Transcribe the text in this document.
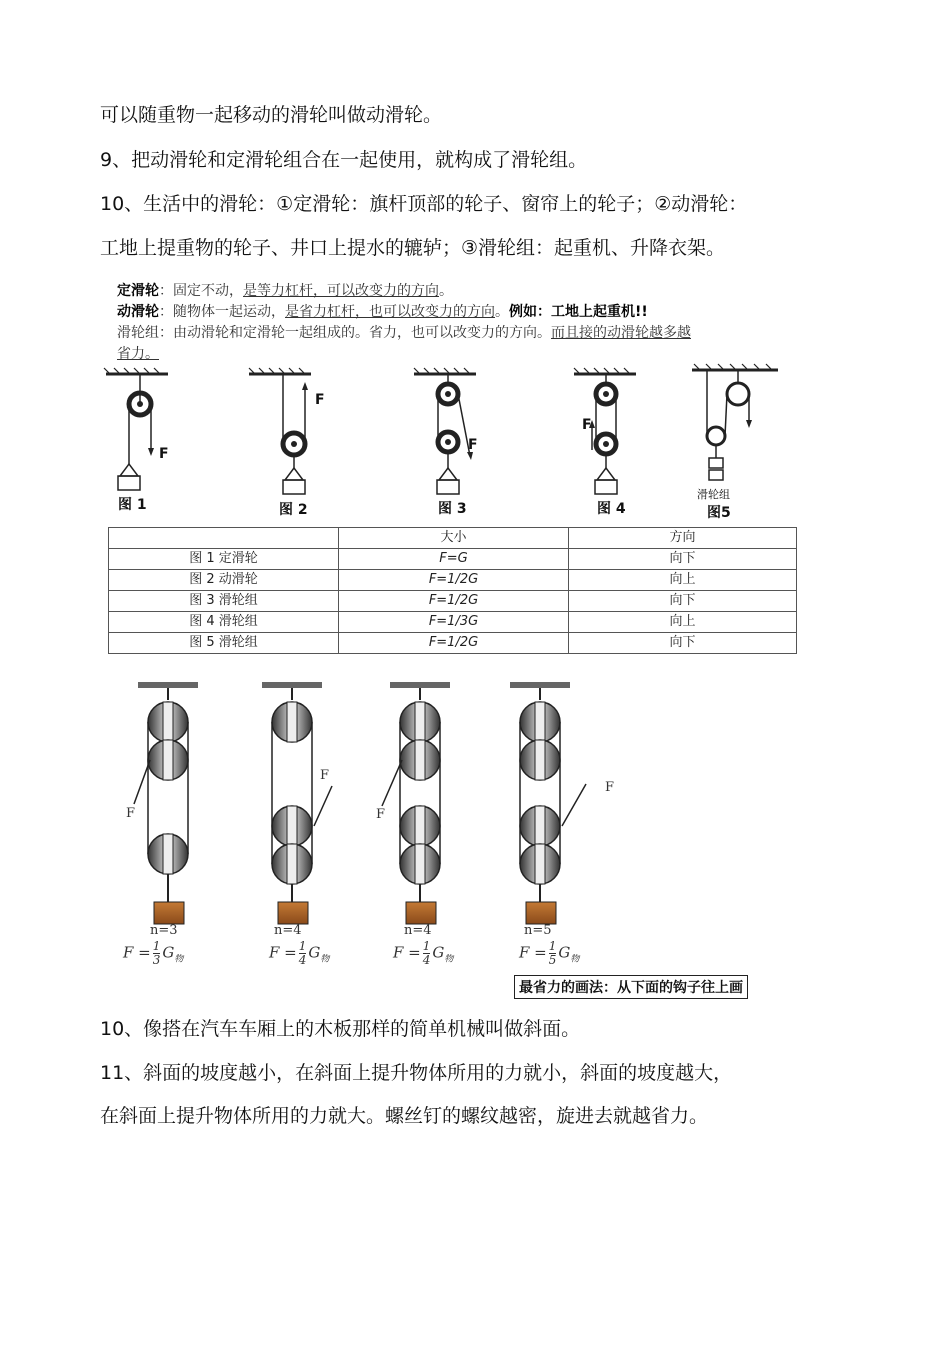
可以随重物一起移动的滑轮叫做动滑轮。
9、把动滑轮和定滑轮组合在一起使用，就构成了滑轮组。
10、生活中的滑轮：①定滑轮：旗杆顶部的轮子、窗帘上的轮子；②动滑轮：
工地上提重物的轮子、井口上提水的辘轳；③滑轮组：起重机、升降衣架。
定滑轮：固定不动，是等力杠杆，可以改变力的方向。
动滑轮：随物体一起运动，是省力杠杆，也可以改变力的方向。例如：工地上起重机!!
滑轮组：由动滑轮和定滑轮一起组成的。省力，也可以改变力的方向。而且接的动滑轮越多越
省力。
F
图 1
F
图 2
F
图 3
F
图 4
滑轮组
图5
	大小	方向
图 1 定滑轮	F=G	向下
图 2 动滑轮	F=1/2G	向上
图 3 滑轮组	F=1/2G	向下
图 4 滑轮组	F=1/3G	向上
图 5 滑轮组	F=1/2G	向下
F
F
F
F
n=3	n=4	n=4	n=5
$F = \frac{1}{3} G_物$	$F = \frac{1}{4} G_物$	$F = \frac{1}{4} G_物$	$F = \frac{1}{5} G_物$
最省力的画法：从下面的钩子往上画
10、像搭在汽车车厢上的木板那样的简单机械叫做斜面。
11、斜面的坡度越小，在斜面上提升物体所用的力就小，斜面的坡度越大，
在斜面上提升物体所用的力就大。螺丝钉的螺纹越密，旋进去就越省力。
